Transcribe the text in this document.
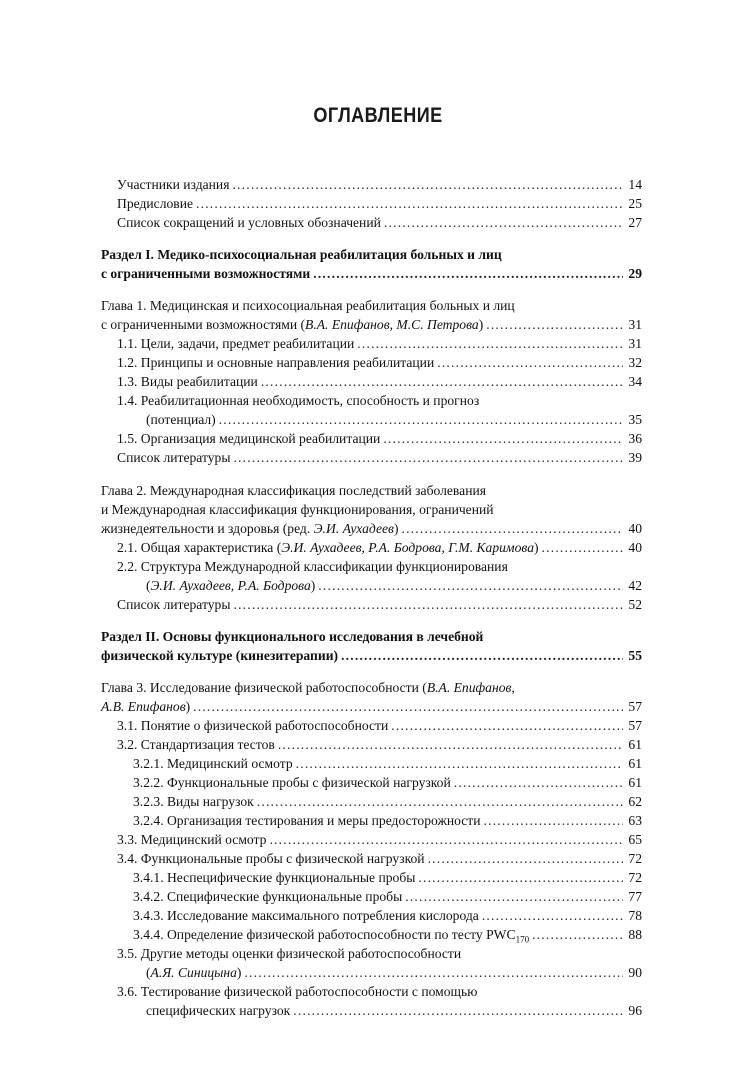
ОГЛАВЛЕНИЕ
Участники издания .....	14
Предисловие .....	25
Список сокращений и условных обозначений .....	27
Раздел I. Медико-психосоциальная реабилитация больных и лиц
с ограниченными возможностями .....	29
Глава 1. Медицинская и психосоциальная реабилитация больных и лиц
с ограниченными возможностями (В.А. Епифанов, М.С. Петрова) .....	31
1.1. Цели, задачи, предмет реабилитации .....	31
1.2. Принципы и основные направления реабилитации .....	32
1.3. Виды реабилитации .....	34
1.4. Реабилитационная необходимость, способность и прогноз
(потенциал) .....	35
1.5. Организация медицинской реабилитации .....	36
Список литературы .....	39
Глава 2. Международная классификация последствий заболевания
и Международная классификация функционирования, ограничений
жизнедеятельности и здоровья (ред. Э.И. Аухадеев) .....	40
2.1. Общая характеристика (Э.И. Аухадеев, Р.А. Бодрова, Г.М. Каримова) .....	40
2.2. Структура Международной классификации функционирования
(Э.И. Аухадеев, Р.А. Бодрова) .....	42
Список литературы .....	52
Раздел II. Основы функционального исследования в лечебной
физической культуре (кинезитерапии) .....	55
Глава 3. Исследование физической работоспособности (В.А. Епифанов,
А.В. Епифанов) .....	57
3.1. Понятие о физической работоспособности .....	57
3.2. Стандартизация тестов .....	61
3.2.1. Медицинский осмотр .....	61
3.2.2. Функциональные пробы с физической нагрузкой .....	61
3.2.3. Виды нагрузок .....	62
3.2.4. Организация тестирования и меры предосторожности .....	63
3.3. Медицинский осмотр .....	65
3.4. Функциональные пробы с физической нагрузкой .....	72
3.4.1. Неспецифические функциональные пробы .....	72
3.4.2. Специфические функциональные пробы .....	77
3.4.3. Исследование максимального потребления кислорода .....	78
3.4.4. Определение физической работоспособности по тесту $PWC_{170}$ .....	88
3.5. Другие методы оценки физической работоспособности
(А.Я. Синицына) .....	90
3.6. Тестирование физической работоспособности с помощью
специфических нагрузок .....	96
